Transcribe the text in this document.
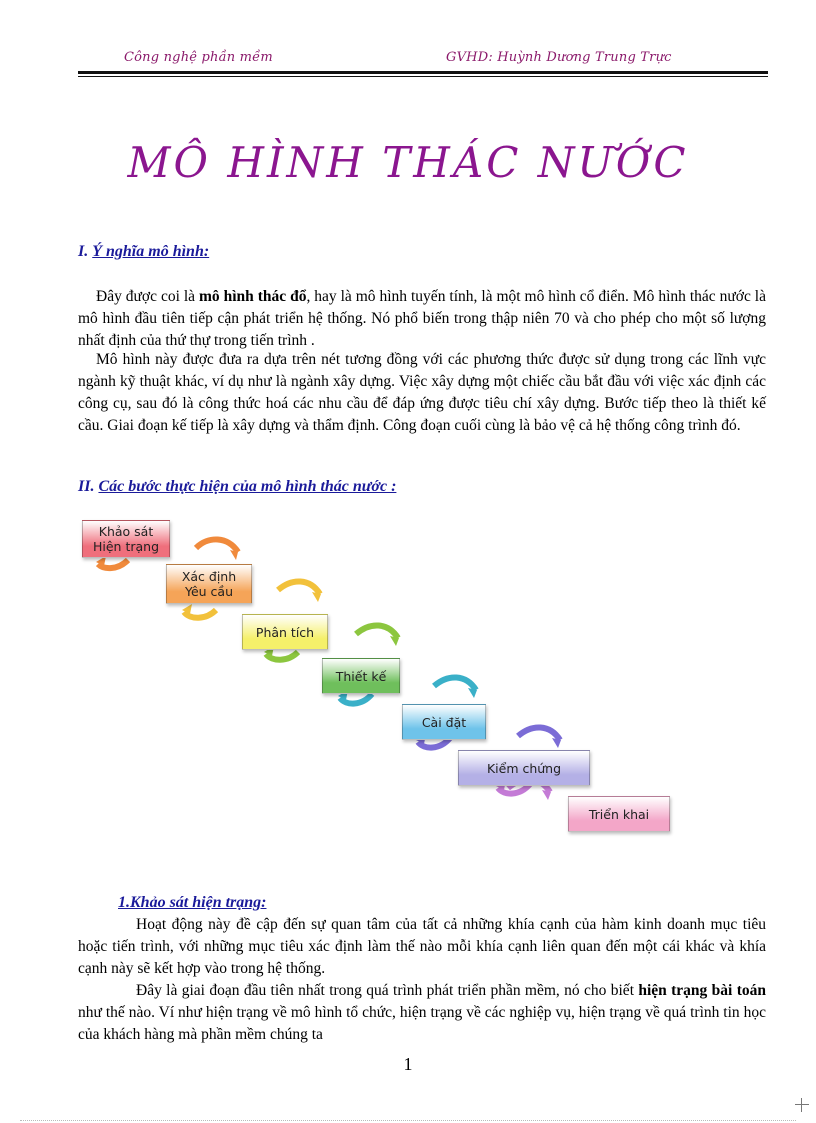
Công nghệ phần mềm	GVHD: Huỳnh Dương Trung Trực
MÔ HÌNH THÁC NƯỚC
I. Ý nghĩa mô hình:

Đây được coi là mô hình thác đổ, hay là mô hình tuyến tính, là một mô hình cổ điển. Mô hình thác nước là mô hình đầu tiên tiếp cận phát triển hệ thống. Nó phổ biến trong thập niên 70 và cho phép cho một số lượng nhất định của thứ thự trong tiến trình .

Mô hình này được đưa ra dựa trên nét tương đồng với các phương thức được sử dụng trong các lĩnh vực ngành kỹ thuật khác, ví dụ như là ngành xây dựng. Việc xây dựng một chiếc cầu bắt đầu với việc xác định các công cụ, sau đó là công thức hoá các nhu cầu để đáp ứng được tiêu chí xây dựng. Bước tiếp theo là thiết kế cầu. Giai đoạn kế tiếp là xây dựng và thẩm định. Công đoạn cuối cùng là bảo vệ cả hệ thống công trình đó.

II. Các bước thực hiện của mô hình thác nước :
Khảo sát
Hiện trạng
Xác định
Yêu cầu
Phân tích
Thiết kế
Cài đặt
Kiểm chứng
Triển khai
1.Khảo sát hiện trạng:

Hoạt động này đề cập đến sự quan tâm của tất cả những khía cạnh của hàm kinh doanh mục tiêu hoặc tiến trình, với những mục tiêu xác định làm thế nào mỗi khía cạnh liên quan đến một cái khác và khía cạnh này sẽ kết hợp vào trong hệ thống.

Đây là giai đoạn đầu tiên nhất trong quá trình phát triển phần mềm, nó cho biết hiện trạng bài toán như thế nào. Ví như hiện trạng về mô hình tổ chức, hiện trạng về các nghiệp vụ, hiện trạng về quá trình tin học của khách hàng mà phần mềm chúng ta

1
